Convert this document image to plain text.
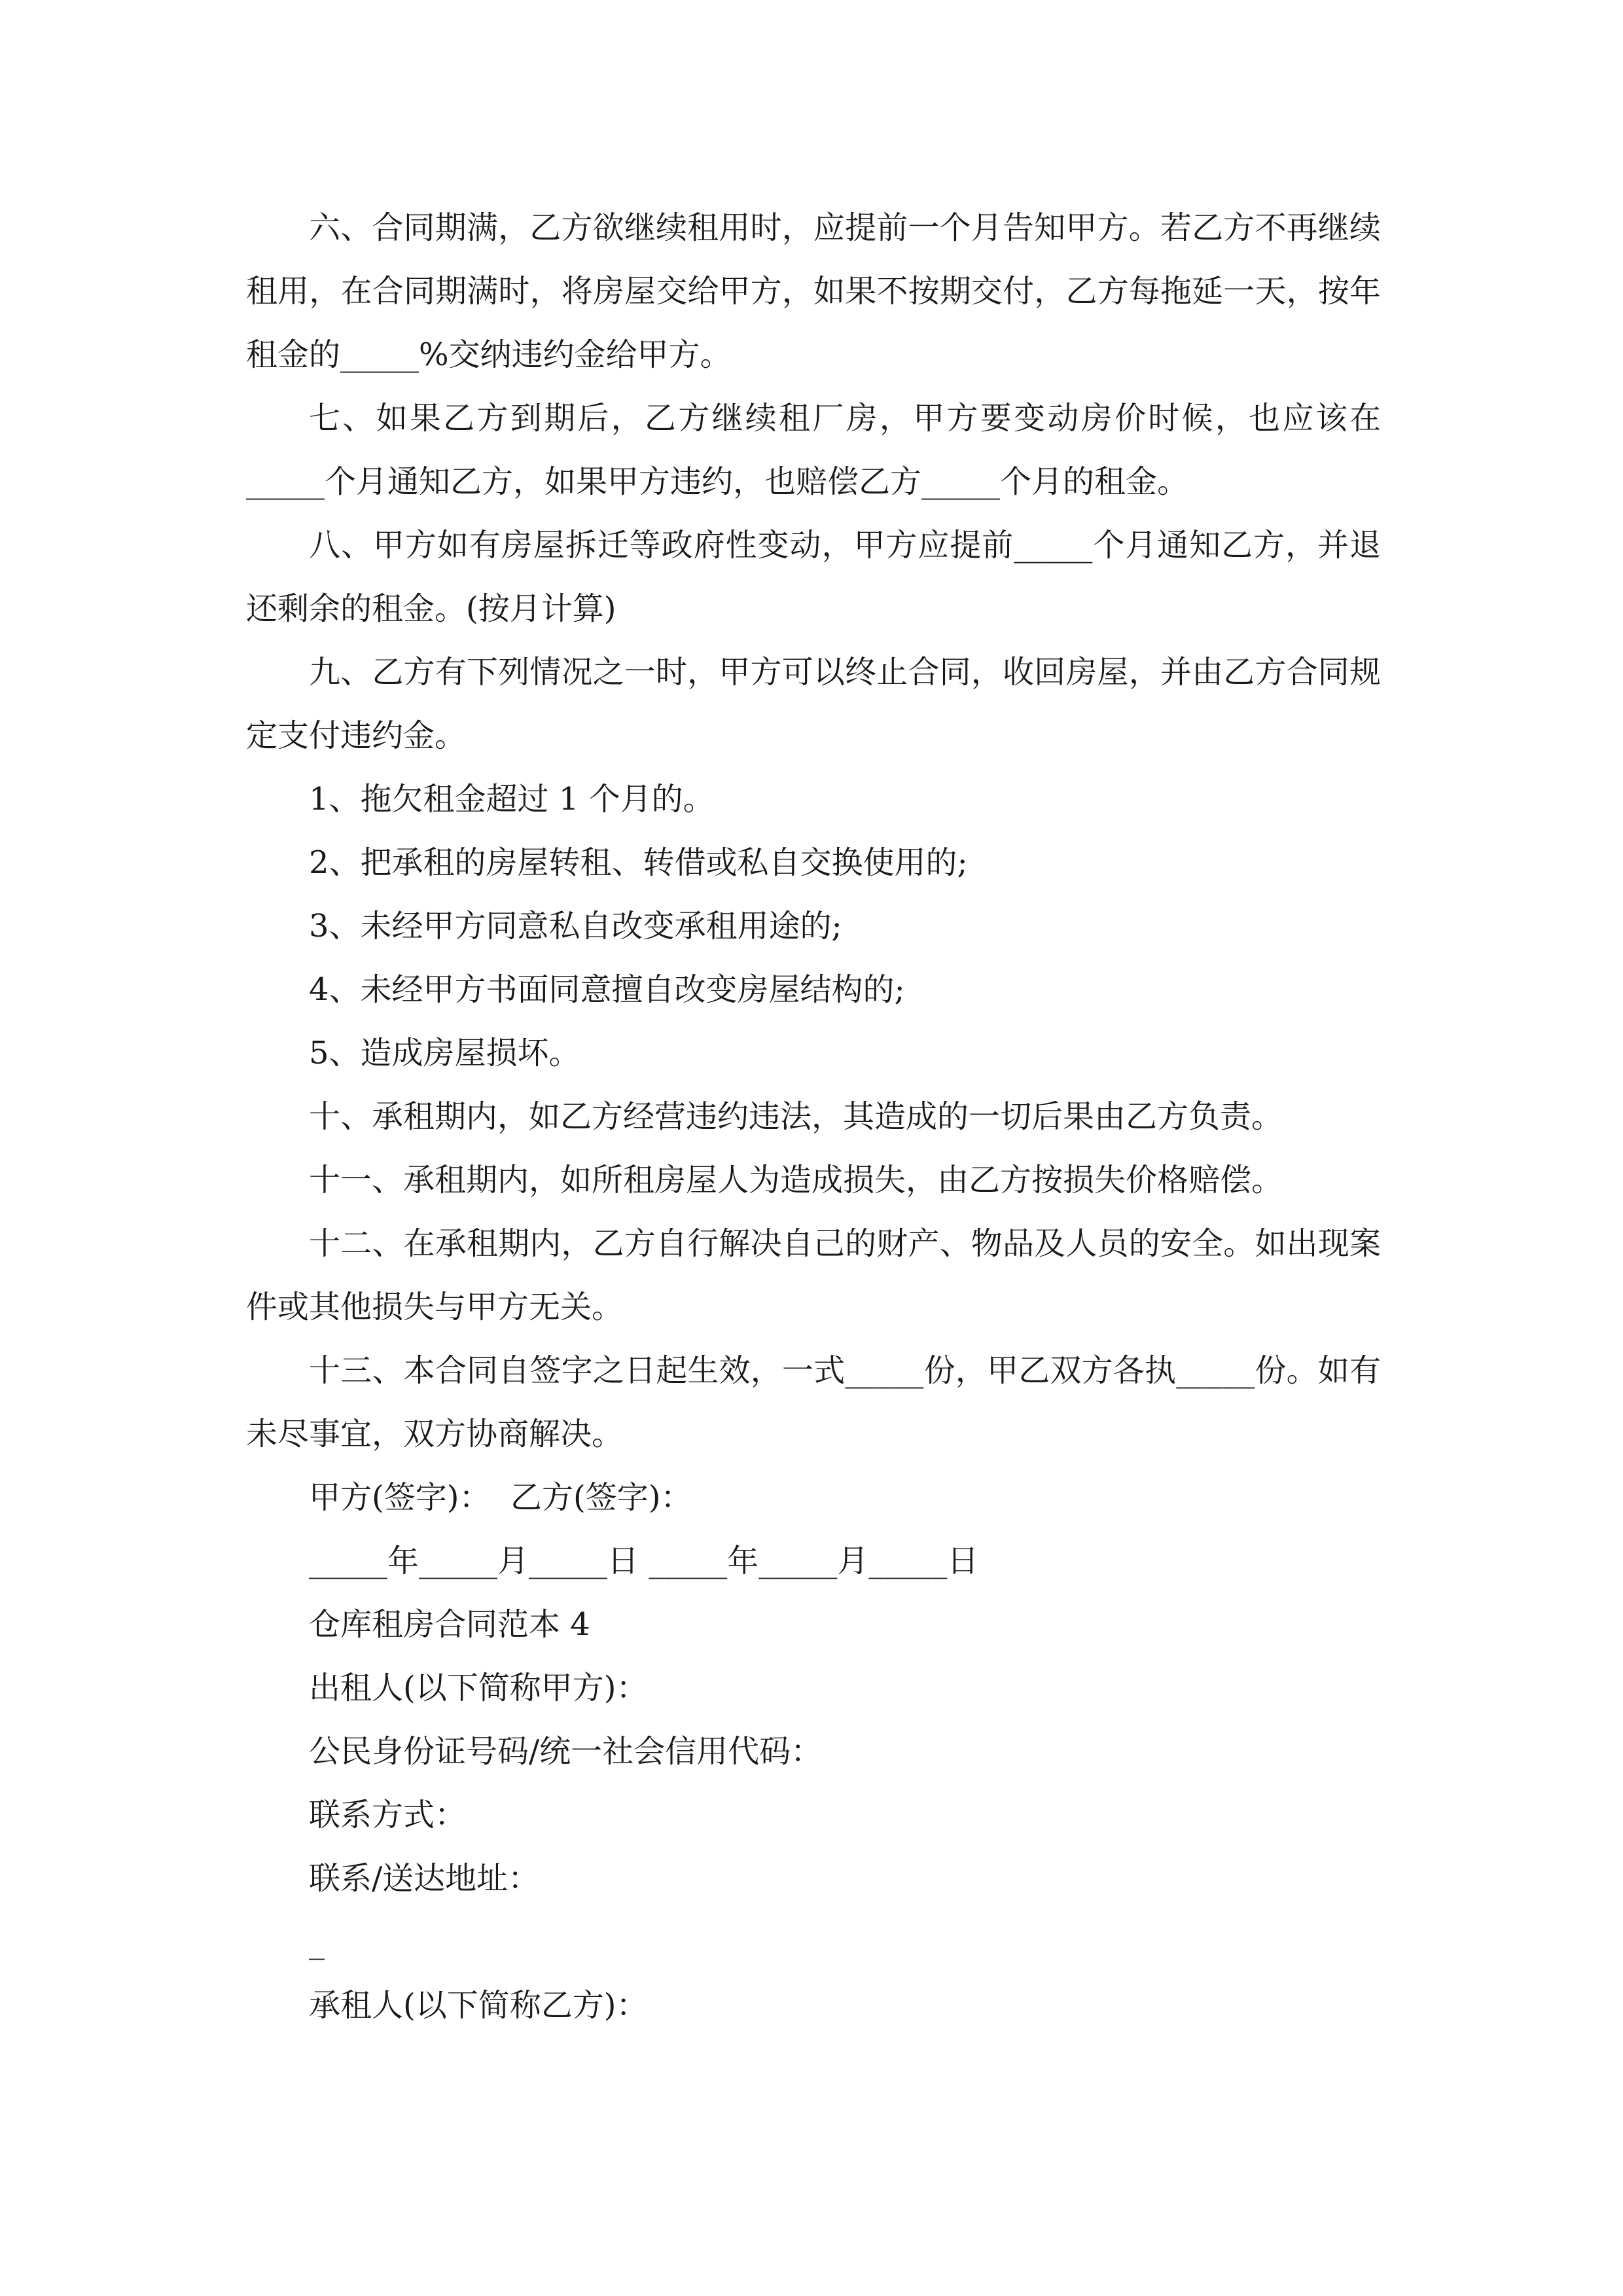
六、合同期满，乙方欲继续租用时，应提前一个月告知甲方。若乙方不再继续租用，在合同期满时，将房屋交给甲方，如果不按期交付，乙方每拖延一天，按年租金的_____%交纳违约金给甲方。

七、如果乙方到期后，乙方继续租厂房，甲方要变动房价时候，也应该在_____个月通知乙方，如果甲方违约，也赔偿乙方_____个月的租金。

八、甲方如有房屋拆迁等政府性变动，甲方应提前_____个月通知乙方，并退还剩余的租金。(按月计算)

九、乙方有下列情况之一时，甲方可以终止合同，收回房屋，并由乙方合同规定支付违约金。

1、拖欠租金超过 1 个月的。

2、把承租的房屋转租、转借或私自交换使用的;

3、未经甲方同意私自改变承租用途的;

4、未经甲方书面同意擅自改变房屋结构的;

5、造成房屋损坏。

十、承租期内，如乙方经营违约违法，其造成的一切后果由乙方负责。

十一、承租期内，如所租房屋人为造成损失，由乙方按损失价格赔偿。

十二、在承租期内，乙方自行解决自己的财产、物品及人员的安全。如出现案件或其他损失与甲方无关。

十三、本合同自签字之日起生效，一式_____份，甲乙双方各执_____份。如有未尽事宜，双方协商解决。

甲方(签字)：  乙方(签字)：

_____年_____月_____日 _____年_____月_____日

仓库租房合同范本 4

出租人(以下简称甲方)：

公民身份证号码/统一社会信用代码：

联系方式：

联系/送达地址：

_

承租人(以下简称乙方)：
